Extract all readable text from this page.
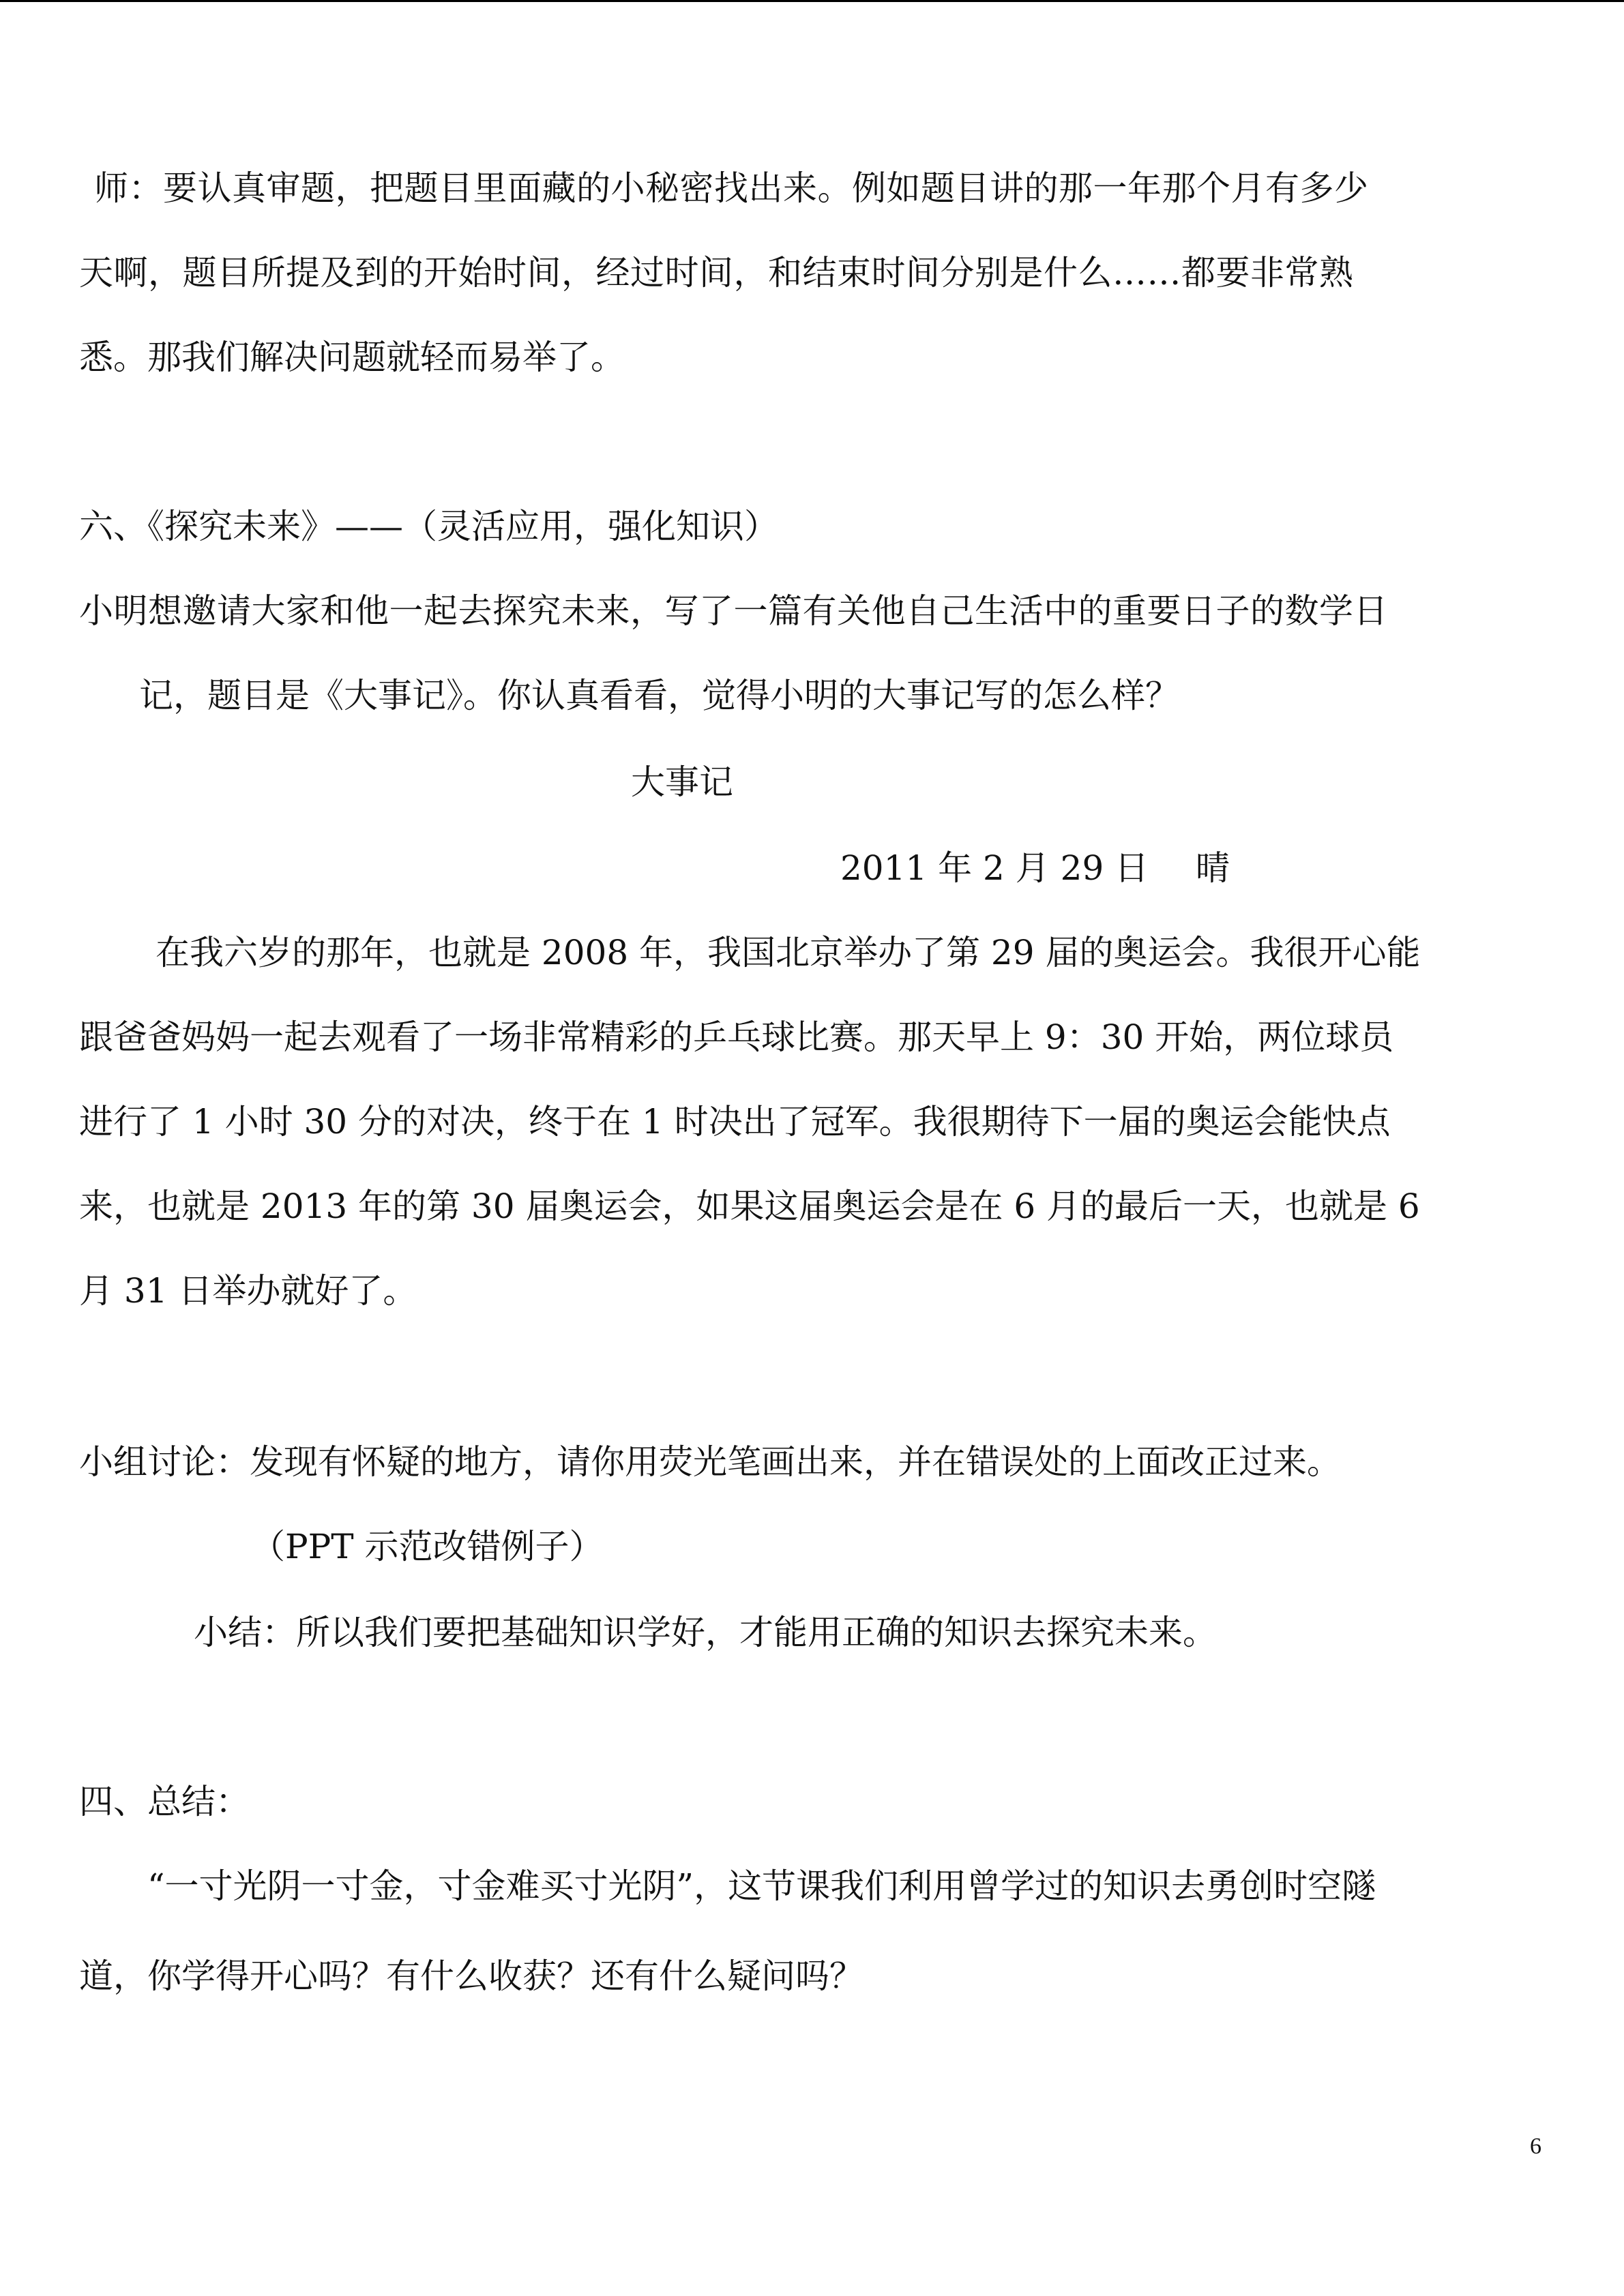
师：要认真审题，把题目里面藏的小秘密找出来。例如题目讲的那一年那个月有多少
天啊，题目所提及到的开始时间，经过时间，和结束时间分别是什么……都要非常熟
悉。那我们解决问题就轻而易举了。
六、《探究未来》——（灵活应用，强化知识）
小明想邀请大家和他一起去探究未来，写了一篇有关他自己生活中的重要日子的数学日
记，题目是《大事记》。你认真看看，觉得小明的大事记写的怎么样？
大事记
2011 年 2 月 29 日 晴
在我六岁的那年，也就是 2008 年，我国北京举办了第 29 届的奥运会。我很开心能
跟爸爸妈妈一起去观看了一场非常精彩的乒乓球比赛。那天早上 9：30 开始，两位球员
进行了 1 小时 30 分的对决，终于在 1 时决出了冠军。我很期待下一届的奥运会能快点
来，也就是 2013 年的第 30 届奥运会，如果这届奥运会是在 6 月的最后一天，也就是 6
月 31 日举办就好了。
小组讨论：发现有怀疑的地方，请你用荧光笔画出来，并在错误处的上面改正过来。
（PPT 示范改错例子）
小结：所以我们要把基础知识学好，才能用正确的知识去探究未来。
四、总结：
“一寸光阴一寸金，寸金难买寸光阴”，这节课我们利用曾学过的知识去勇创时空隧
道，你学得开心吗？有什么收获？还有什么疑问吗？
6
